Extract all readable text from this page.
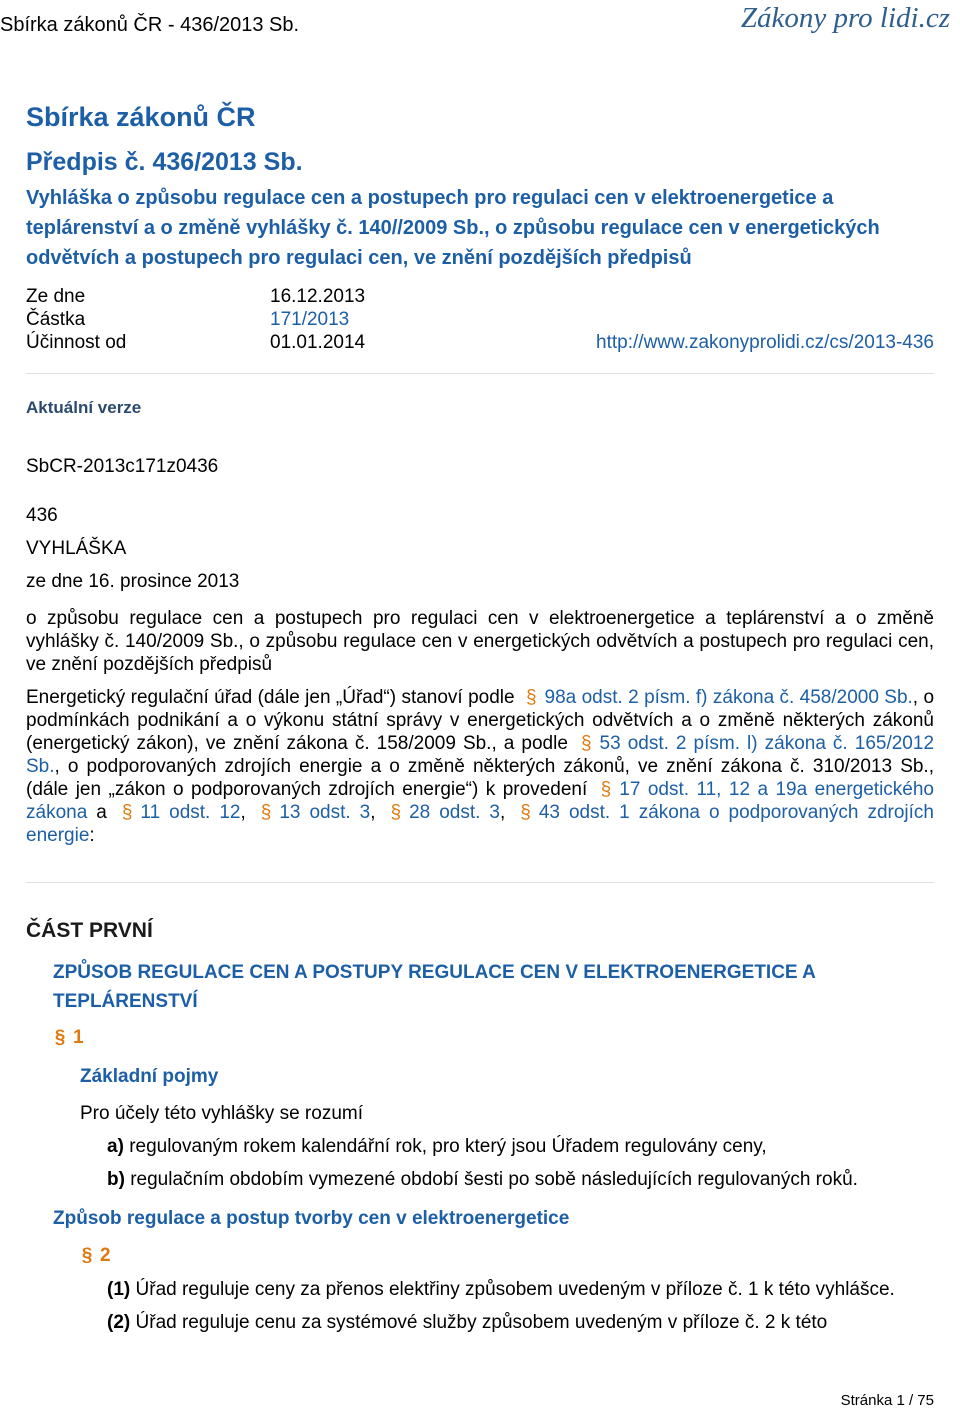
Sbírka zákonů ČR - 436/2013 Sb.	Zákony pro lidi.cz
Sbírka zákonů ČR
Předpis č. 436/2013 Sb.
Vyhláška o způsobu regulace cen a postupech pro regulaci cen v elektroenergetice a teplárenství a o změně vyhlášky č. 140//2009 Sb., o způsobu regulace cen v energetických odvětvích a postupech pro regulaci cen, ve znění pozdějších předpisů
Ze dne	16.12.2013
Částka	171/2013
Účinnost od	01.01.2014	http://www.zakonyprolidi.cz/cs/2013-436
Aktuální verze
SbCR-2013c171z0436
436
VYHLÁŠKA
ze dne 16. prosince 2013
o způsobu regulace cen a postupech pro regulaci cen v elektroenergetice a teplárenství a o změně vyhlášky č. 140/2009 Sb., o způsobu regulace cen v energetických odvětvích a postupech pro regulaci cen, ve znění pozdějších předpisů
Energetický regulační úřad (dále jen „Úřad“) stanoví podle § 98a odst. 2 písm. f) zákona č. 458/2000 Sb., o podmínkách podnikání a o výkonu státní správy v energetických odvětvích a o změně některých zákonů (energetický zákon), ve znění zákona č. 158/2009 Sb., a podle § 53 odst. 2 písm. l) zákona č. 165/2012 Sb., o podporovaných zdrojích energie a o změně některých zákonů, ve znění zákona č. 310/2013 Sb., (dále jen „zákon o podporovaných zdrojích energie“) k provedení § 17 odst. 11, 12 a 19a energetického zákona a § 11 odst. 12, § 13 odst. 3, § 28 odst. 3, § 43 odst. 1 zákona o podporovaných zdrojích energie:
ČÁST PRVNÍ
ZPŮSOB REGULACE CEN A POSTUPY REGULACE CEN V ELEKTROENERGETICE A TEPLÁRENSTVÍ
§ 1
Základní pojmy
Pro účely této vyhlášky se rozumí
a) regulovaným rokem kalendářní rok, pro který jsou Úřadem regulovány ceny,
b) regulačním obdobím vymezené období šesti po sobě následujících regulovaných roků.
Způsob regulace a postup tvorby cen v elektroenergetice
§ 2
(1) Úřad reguluje ceny za přenos elektřiny způsobem uvedeným v příloze č. 1 k této vyhlášce.
(2) Úřad reguluje cenu za systémové služby způsobem uvedeným v příloze č. 2 k této
Stránka 1 / 75
